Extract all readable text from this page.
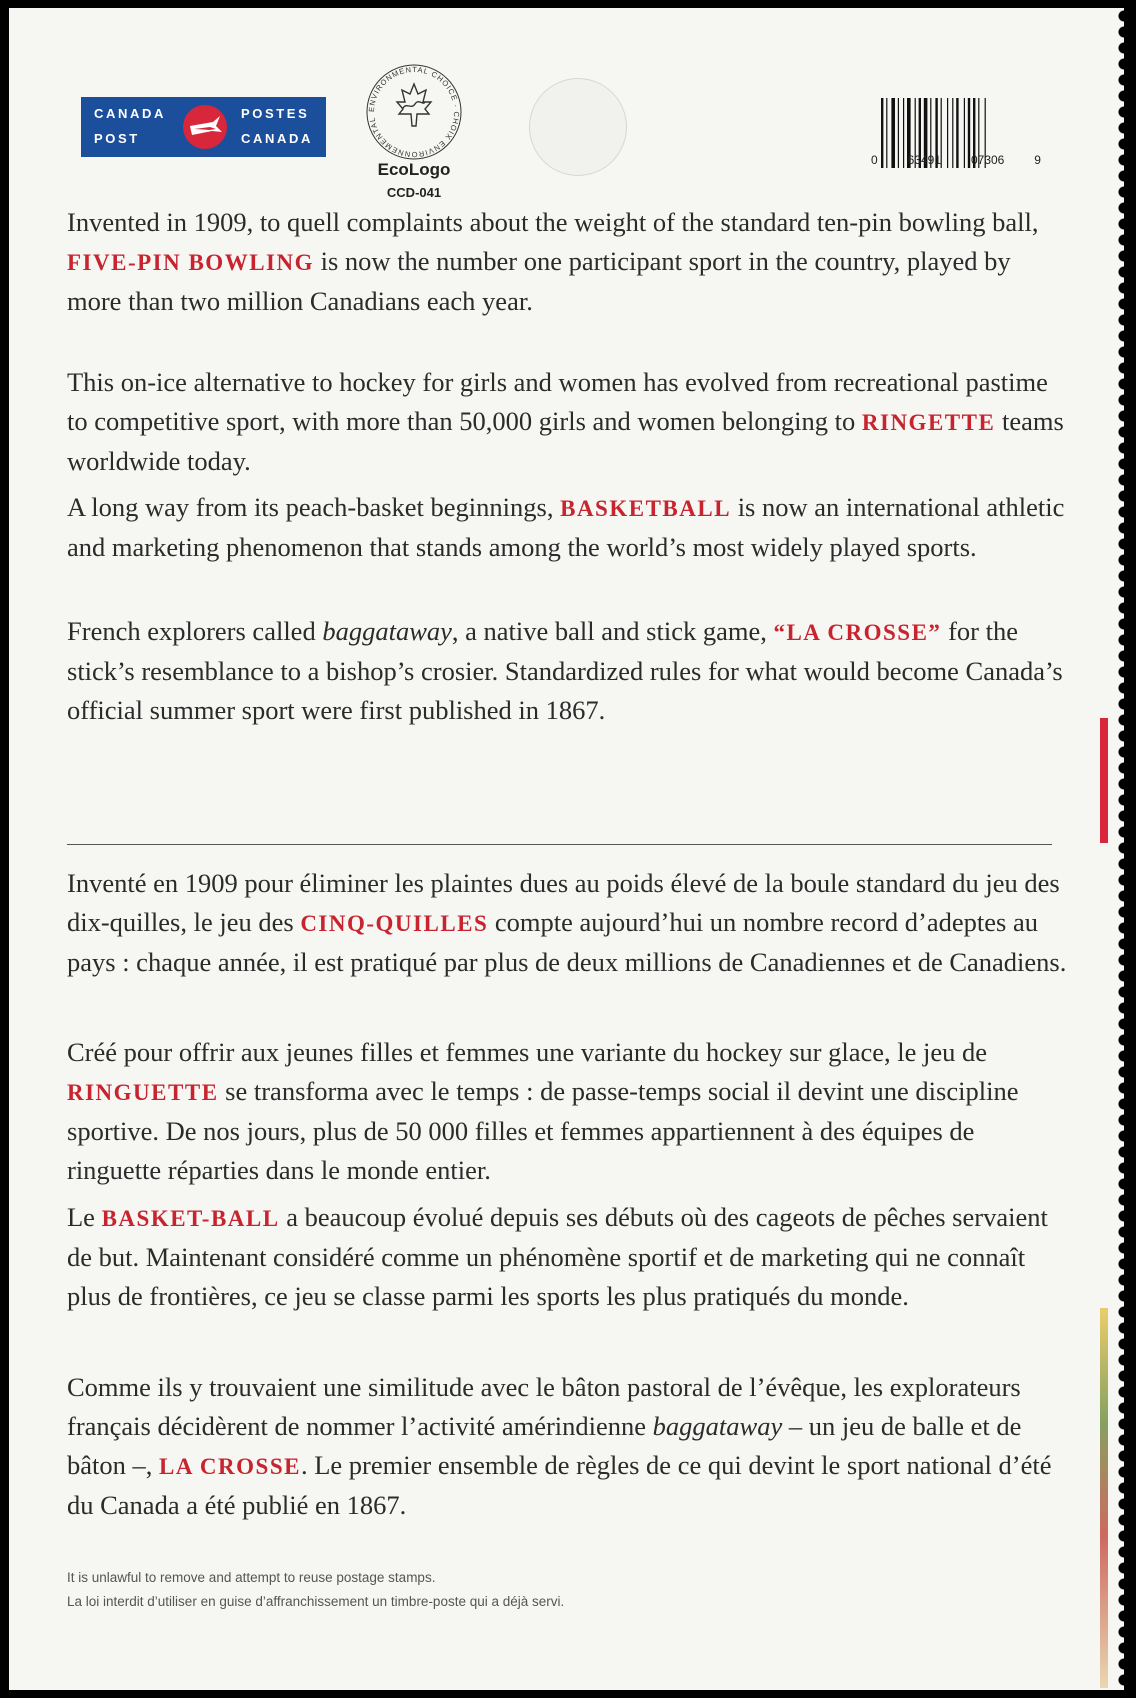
CANADA
POST
POSTES
CANADA
ENVIRONMENTAL CHOICE · CHOIX ENVIRONNEMENTAL
EcoLogo
CCD-041
0 63491 07306 9
Invented in 1909, to quell complaints about the weight of the standard ten-pin bowling ball, FIVE-PIN BOWLING is now the number one participant sport in the country, played by more than two million Canadians each year.
This on-ice alternative to hockey for girls and women has evolved from recreational pastime to competitive sport, with more than 50,000 girls and women belonging to RINGETTE teams worldwide today.
A long way from its peach-basket beginnings, BASKETBALL is now an international athletic and marketing phenomenon that stands among the world’s most widely played sports.
French explorers called baggataway, a native ball and stick game, “LA CROSSE” for the stick’s resemblance to a bishop’s crosier. Standardized rules for what would become Canada’s official summer sport were first published in 1867.
Inventé en 1909 pour éliminer les plaintes dues au poids élevé de la boule standard du jeu des dix-quilles, le jeu des CINQ-QUILLES compte aujourd’hui un nombre record d’adeptes au pays : chaque année, il est pratiqué par plus de deux millions de Canadiennes et de Canadiens.
Créé pour offrir aux jeunes filles et femmes une variante du hockey sur glace, le jeu de RINGUETTE se transforma avec le temps : de passe-temps social il devint une discipline sportive. De nos jours, plus de 50 000 filles et femmes appartiennent à des équipes de ringuette réparties dans le monde entier.
Le BASKET-BALL a beaucoup évolué depuis ses débuts où des cageots de pêches servaient de but. Maintenant considéré comme un phénomène sportif et de marketing qui ne connaît plus de frontières, ce jeu se classe parmi les sports les plus pratiqués du monde.
Comme ils y trouvaient une similitude avec le bâton pastoral de l’évêque, les explorateurs français décidèrent de nommer l’activité amérindienne baggataway – un jeu de balle et de bâton –, LA CROSSE. Le premier ensemble de règles de ce qui devint le sport national d’été du Canada a été publié en 1867.
It is unlawful to remove and attempt to reuse postage stamps.
La loi interdit d’utiliser en guise d’affranchissement un timbre-poste qui a déjà servi.
